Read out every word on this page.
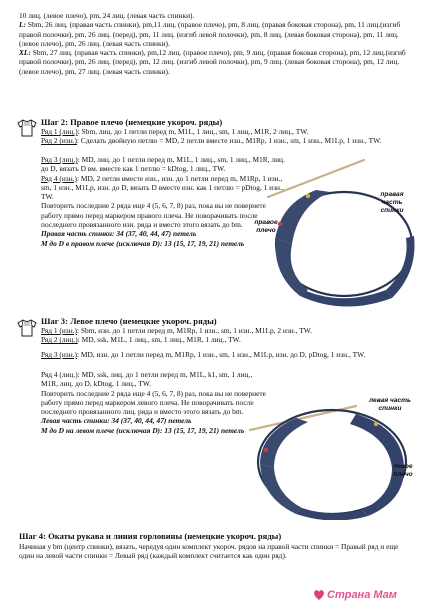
10 лиц. (левое плечо), pm, 24 лиц. (левая часть спинки).
L: Sbm, 26 лиц. (правая часть спинки), pm,11 лиц. (правое плечо), pm, 8 лиц. (правая боковая сторона), pm, 11 лиц.(изгиб правой полочки), pm, 26 лиц. (перед), pm, 11 лиц. (изгиб левой полочки), pm, 8 лиц. (левая боковая сторона), pm, 11 лиц. (левое плечо), pm, 26 лиц. (левая часть спинки).
XL: Sbm, 27 лиц. (правая часть спинки), pm,12 лиц. (правое плечо), pm, 9 лиц. (правая боковая сторона), pm, 12 лиц.(изгиб правой полочки), pm, 26 лиц. (перед), pm, 12 лиц. (изгиб левой полочки), pm, 9 лиц. (левая боковая сторона), pm, 12 лиц. (левое плечо), pm, 27 лиц. (левая часть спинки).
Шаг 2: Правое плечо (немецкие укороч. ряды)
Ряд 1 (лиц.): Sbm, лиц. до 1 петли перед m, M1L, 1 лиц., sm, 1 лиц., M1R, 2 лиц., TW.
Ряд 2 (изн.): Сделать двойную петлю = MD, 2 петли вместе изн., M1Rp, 1 изн., sm, 1 изн., M1Lp, 1 изн., TW.
Ряд 3 (лиц.): MD, лиц. до 1 петли перед m, M1L, 1 лиц., sm, 1 лиц., M1R, лиц. до D, вязать D вм. вместе как 1 петлю = kDtog, 1 лиц., TW.
Ряд 4 (изн.): MD, 2 петли вместе изн., изн. до 1 петли перед m, M1Rp, 1 изн., sm, 1 изн., M1Lp, изн. до D, вязать D вместе изн. как 1 петлю = pDtog, 1 изн., TW.
Повторить последние 2 ряда еще 4 (5, 6, 7, 8) раз, пока вы не повернете работу прямо перед маркером правого плеча. Не поворачивать после последнего провязанного изн. ряда и вместо этого вязать до bm.
Правая часть спинки: 34 (37, 40, 44, 47) петель
M до D в правом плече (исключая D): 13 (15, 17, 19, 21) петель
правая часть спинки
правое плечо
Шаг 3: Левое плечо (немецкие укороч. ряды)
Ряд 1 (изн.): Sbm, изн. до 1 петли перед m, M1Rp, 1 изн., sm, 1 изн., M1Lp, 2 изн., TW.
Ряд 2 (лиц.): MD, ssk, M1L, 1 лиц., sm, 1 лиц., M1R, 1 лиц., TW.
Ряд 3 (изн.): MD, изн. до 1 петли перед m, M1Rp, 1 изн., sm, 1 изн., M1Lp, изн. до D, pDtog, 1 изн., TW.
Ряд 4 (лиц.): MD, ssk, лиц. до 1 петли перед m, M1L, k1, sm, 1 лиц., M1R, лиц. до D, kDtog, 1 лиц., TW.
Повторить последние 2 ряда еще 4 (5, 6, 7, 8) раз, пока вы не повернете работу прямо перед маркером левого плеча. Не поворачивать после последнего провязанного лиц. ряда и вместо этого вязать до bm.
Левая часть спинки: 34 (37, 40, 44, 47) петель
M до D на левом плече (исключая D): 13 (15, 17, 19, 21) петель
левая часть спинки
левое плечо
Шаг 4: Окаты рукава и линия горловины (немецкие укороч. ряды)
Начиная у bm (центр спинки), вязать, чередуя один комплект укороч. рядов на правой части спинки = Правый ряд и еще один на левой части спинки = Левый ряд (каждый комплект считается как один ряд).
Страна Мам
